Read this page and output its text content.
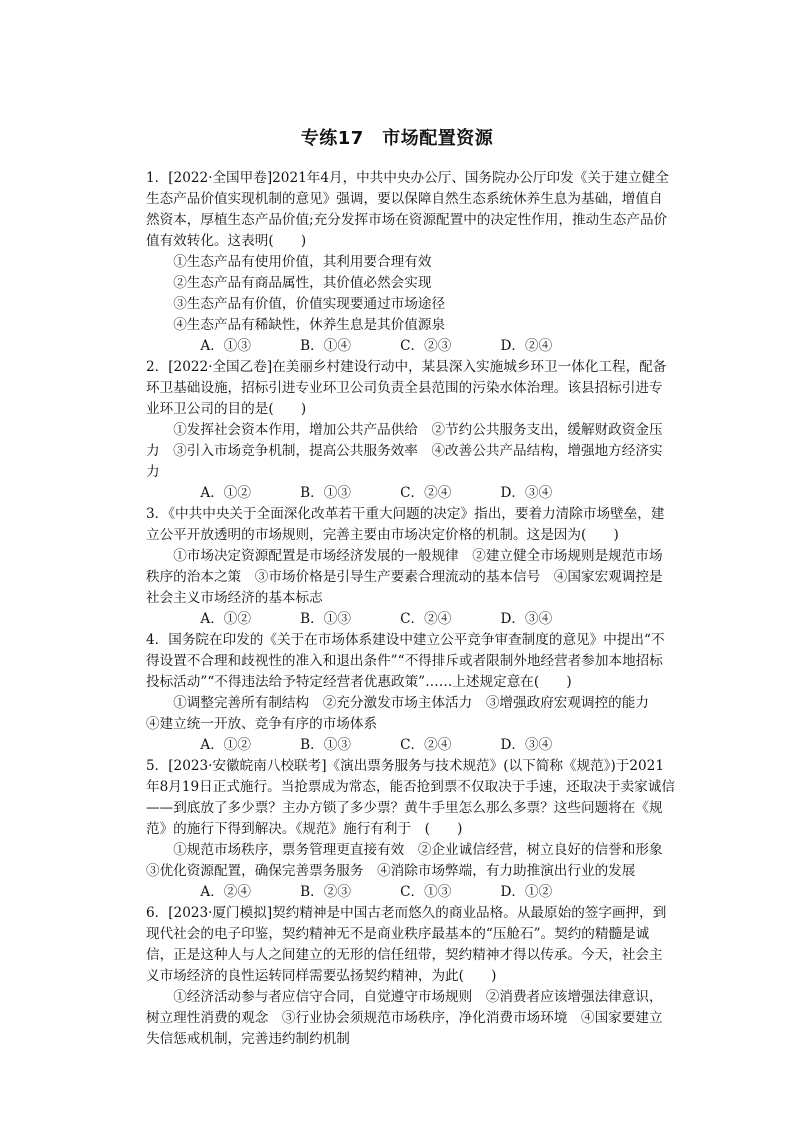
专练17　市场配置资源

1．[2022·全国甲卷]2021年4月，中共中央办公厅、国务院办公厅印发《关于建立健全生态产品价值实现机制的意见》强调，要以保障自然生态系统休养生息为基础，增值自然资本，厚植生态产品价值;充分发挥市场在资源配置中的决定性作用，推动生态产品价值有效转化。这表明(　　)

①生态产品有使用价值，其利用要合理有效

②生态产品有商品属性，其价值必然会实现

③生态产品有价值，价值实现要通过市场途径

④生态产品有稀缺性，休养生息是其价值源泉

A．①③	B．①④	C．②③	D．②④

2．[2022·全国乙卷]在美丽乡村建设行动中，某县深入实施城乡环卫一体化工程，配备环卫基础设施，招标引进专业环卫公司负责全县范围的污染水体治理。该县招标引进专业环卫公司的目的是(　　)

①发挥社会资本作用，增加公共产品供给　②节约公共服务支出，缓解财政资金压力　③引入市场竞争机制，提高公共服务效率　④改善公共产品结构，增强地方经济实力

A．①②	B．①③	C．②④	D．③④

3．《中共中央关于全面深化改革若干重大问题的决定》指出，要着力清除市场壁垒，建立公平开放透明的市场规则，完善主要由市场决定价格的机制。这是因为(　　)

①市场决定资源配置是市场经济发展的一般规律　②建立健全市场规则是规范市场秩序的治本之策　③市场价格是引导生产要素合理流动的基本信号　④国家宏观调控是社会主义市场经济的基本标志

A．①②	B．①③	C．②④	D．③④

4．国务院在印发的《关于在市场体系建设中建立公平竞争审查制度的意见》中提出“不得设置不合理和歧视性的准入和退出条件”“不得排斥或者限制外地经营者参加本地招标投标活动”“不得违法给予特定经营者优惠政策”……上述规定意在(　　)

①调整完善所有制结构　②充分激发市场主体活力　③增强政府宏观调控的能力　④建立统一开放、竞争有序的市场体系

A．①②	B．①③	C．②④	D．③④

5．[2023·安徽皖南八校联考]《演出票务服务与技术规范》(以下简称《规范》)于2021年8月19日正式施行。当抢票成为常态，能否抢到票不仅取决于手速，还取决于卖家诚信——到底放了多少票？主办方锁了多少票？黄牛手里怎么那么多票？这些问题将在《规范》的施行下得到解决。《规范》施行有利于　(　　)

①规范市场秩序，票务管理更直接有效　②企业诚信经营，树立良好的信誉和形象　③优化资源配置，确保完善票务服务　④消除市场弊端，有力助推演出行业的发展

A．②④	B．②③	C．①③	D．①②

6．[2023·厦门模拟]契约精神是中国古老而悠久的商业品格。从最原始的签字画押，到现代社会的电子印鉴，契约精神无不是商业秩序最基本的“压舱石”。契约的精髓是诚信，正是这种人与人之间建立的无形的信任纽带，契约精神才得以传承。今天，社会主义市场经济的良性运转同样需要弘扬契约精神，为此(　　)

①经济活动参与者应信守合同，自觉遵守市场规则　②消费者应该增强法律意识，树立理性消费的观念　③行业协会须规范市场秩序，净化消费市场环境　④国家要建立失信惩戒机制，完善违约制约机制
